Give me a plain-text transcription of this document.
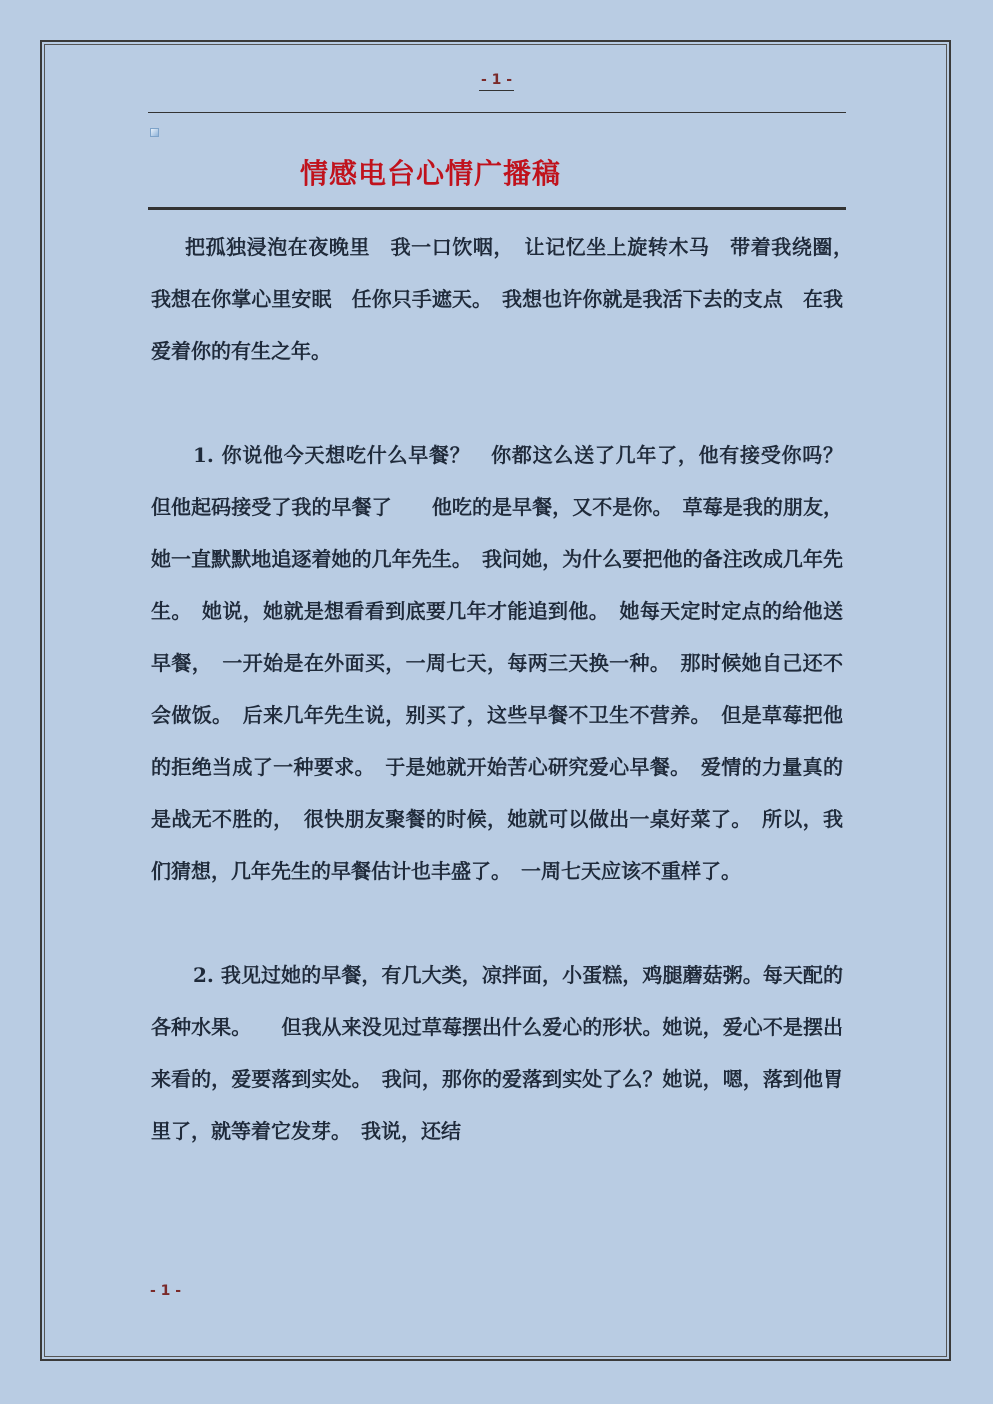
- 1 -
情感电台心情广播稿

把孤独浸泡在夜晚里　我一口饮咽，　让记忆坐上旋转木马　带着我绕圈，　我想在你掌心里安眠　任你只手遮天。　我想也许你就是我活下去的支点　在我爱着你的有生之年。

1. 你说他今天想吃什么早餐？　你都这么送了几年了，他有接受你吗？　　但他起码接受了我的早餐了　　他吃的是早餐，又不是你。　草莓是我的朋友，她一直默默地追逐着她的几年先生。　我问她，为什么要把他的备注改成几年先生。　她说，她就是想看看到底要几年才能追到他。　她每天定时定点的给他送早餐，　一开始是在外面买，一周七天，每两三天换一种。　那时候她自己还不会做饭。　后来几年先生说，别买了，这些早餐不卫生不营养。　但是草莓把他的拒绝当成了一种要求。　于是她就开始苦心研究爱心早餐。　爱情的力量真的是战无不胜的，　很快朋友聚餐的时候，她就可以做出一桌好菜了。　所以，我们猜想，几年先生的早餐估计也丰盛了。　一周七天应该不重样了。

2. 我见过她的早餐，有几大类，凉拌面，小蛋糕，鸡腿蘑菇粥。每天配的各种水果。　　但我从来没见过草莓摆出什么爱心的形状。她说，爱心不是摆出来看的，爱要落到实处。　我问，那你的爱落到实处了么？她说，嗯，落到他胃里了，就等着它发芽。　我说，还结

- 1 -
